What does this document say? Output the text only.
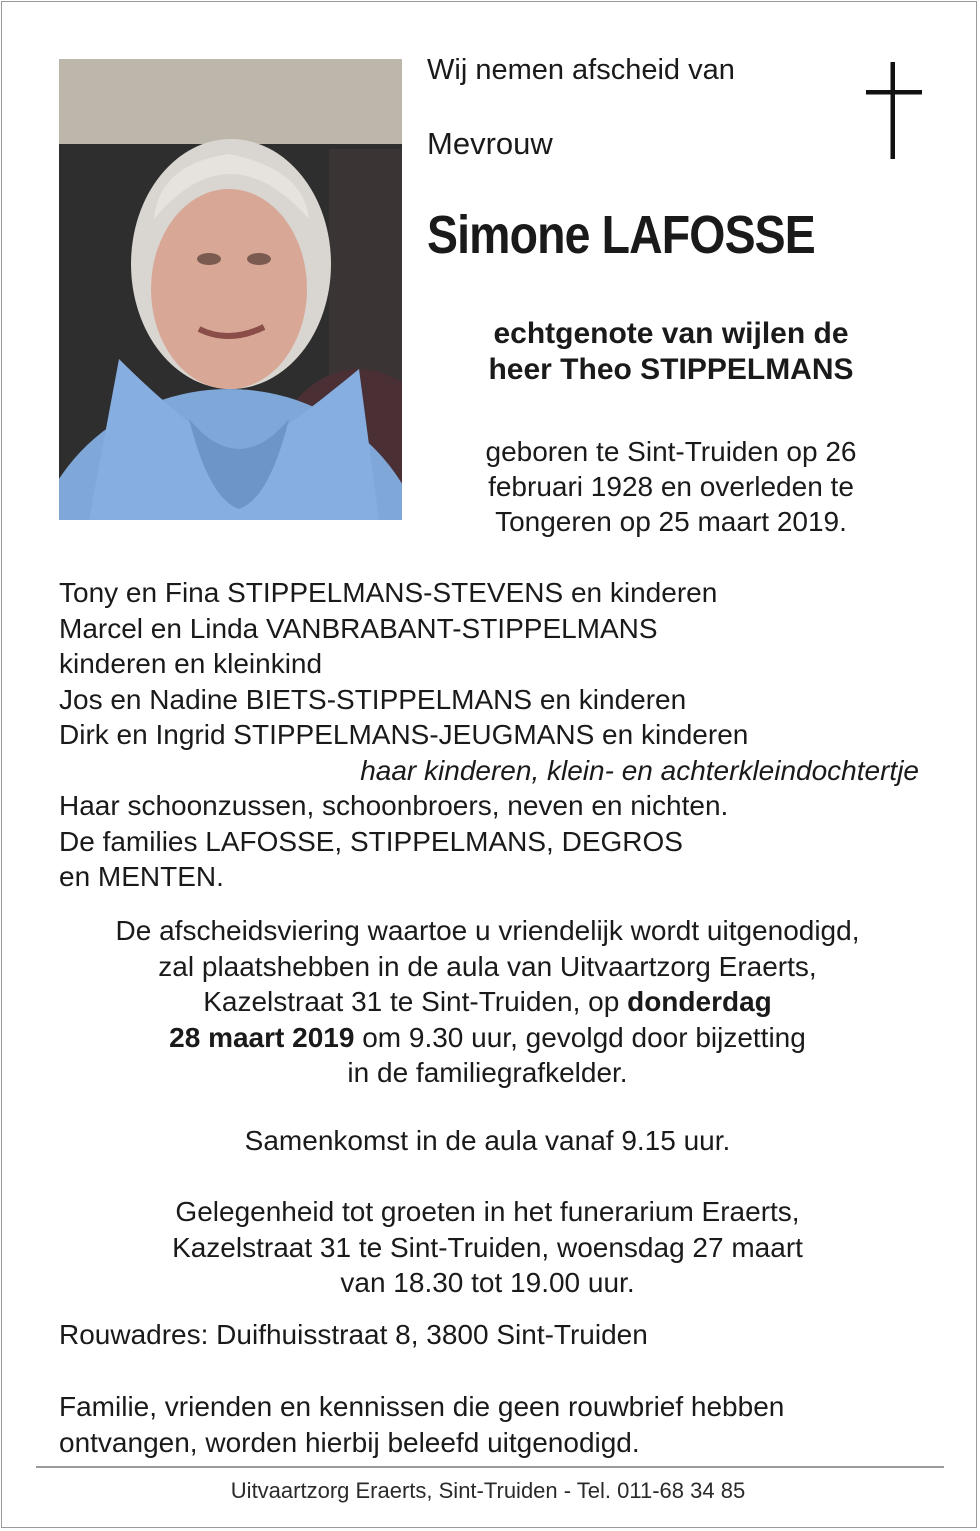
Wij nemen afscheid van

Mevrouw

Simone LAFOSSE

echtgenote van wijlen de
heer Theo STIPPELMANS

geboren te Sint-Truiden op 26
februari 1928 en overleden te
Tongeren op 25 maart 2019.

Tony en Fina STIPPELMANS-STEVENS en kinderen
Marcel en Linda VANBRABANT-STIPPELMANS
kinderen en kleinkind
Jos en Nadine BIETS-STIPPELMANS en kinderen
Dirk en Ingrid STIPPELMANS-JEUGMANS en kinderen
haar kinderen, klein- en achterkleindochtertje
Haar schoonzussen, schoonbroers, neven en nichten.
De families LAFOSSE, STIPPELMANS, DEGROS
en MENTEN.

De afscheidsviering waartoe u vriendelijk wordt uitgenodigd,
zal plaatshebben in de aula van Uitvaartzorg Eraerts,
Kazelstraat 31 te Sint-Truiden, op donderdag
28 maart 2019 om 9.30 uur, gevolgd door bijzetting
in de familiegrafkelder.

Samenkomst in de aula vanaf 9.15 uur.

Gelegenheid tot groeten in het funerarium Eraerts,
Kazelstraat 31 te Sint-Truiden, woensdag 27 maart
van 18.30 tot 19.00 uur.

Rouwadres: Duifhuisstraat 8, 3800 Sint-Truiden

Familie, vrienden en kennissen die geen rouwbrief hebben
ontvangen, worden hierbij beleefd uitgenodigd.

Uitvaartzorg Eraerts, Sint-Truiden - Tel. 011-68 34 85
